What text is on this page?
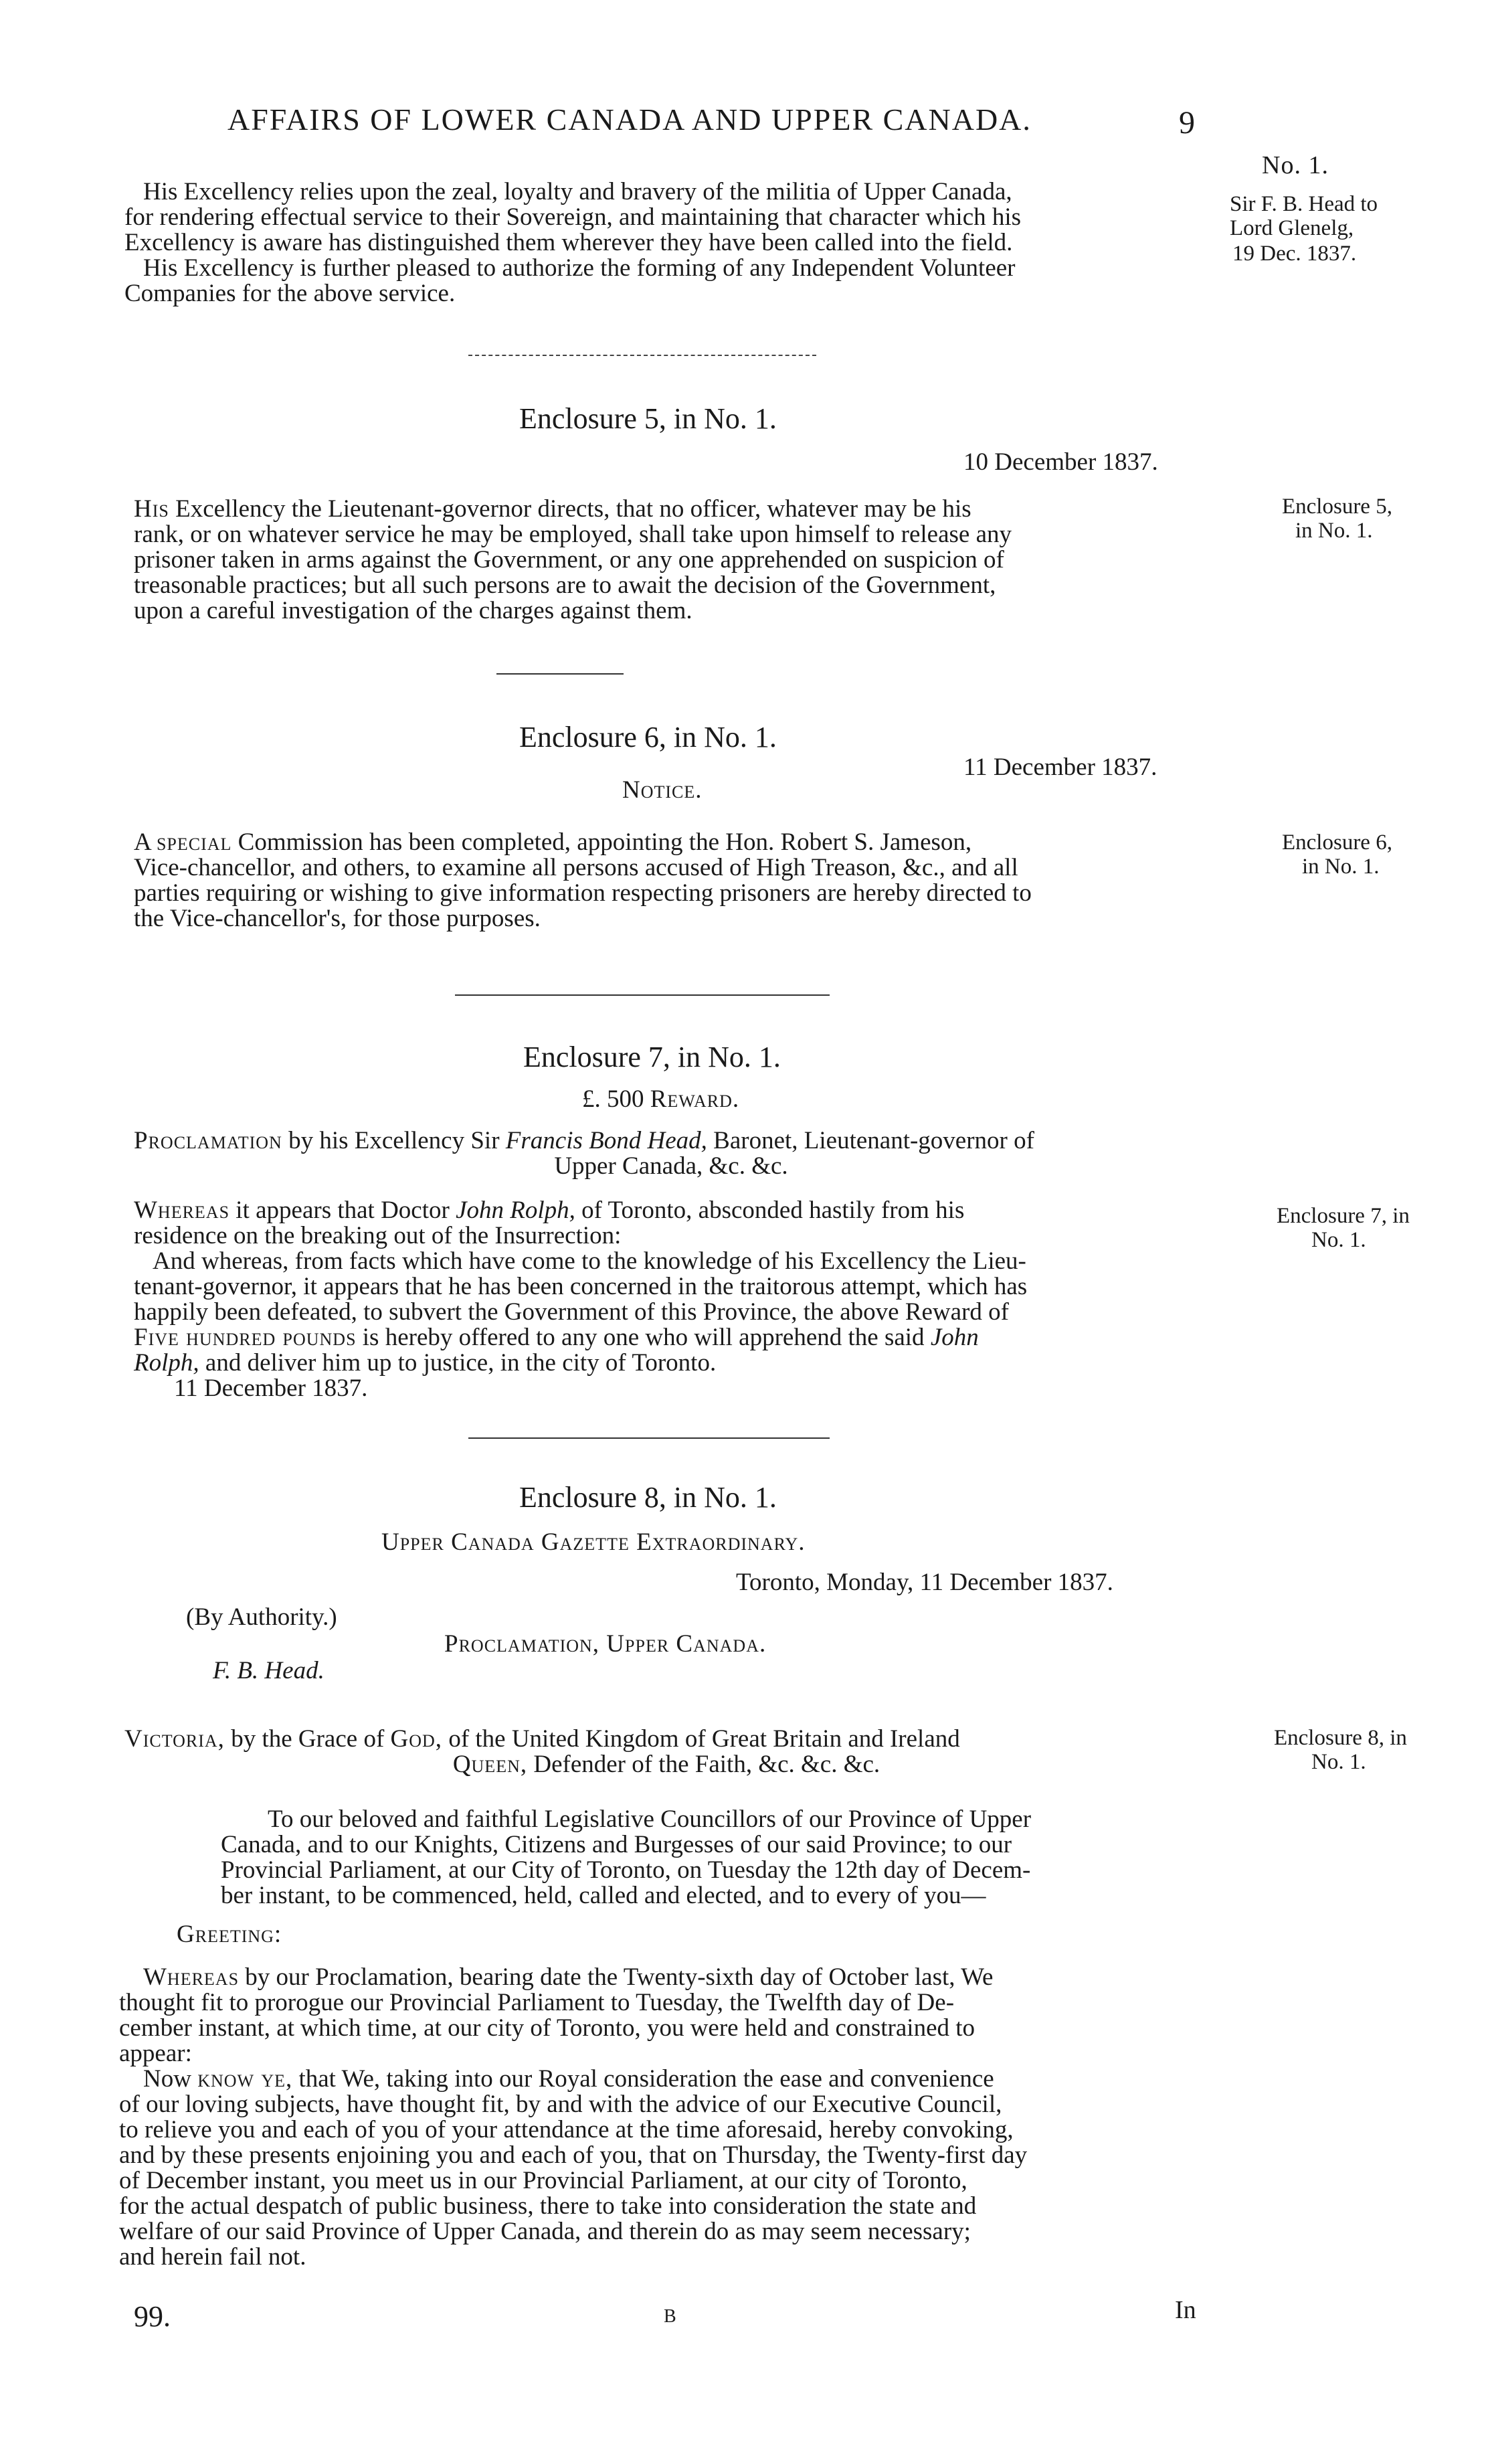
AFFAIRS OF LOWER CANADA AND UPPER CANADA.	9
No. 1.
Sir F. B. Head to
Lord Glenelg,
19 Dec. 1837.
His Excellency relies upon the zeal, loyalty and bravery of the militia of Upper Canada,
for rendering effectual service to their Sovereign, and maintaining that character which his
Excellency is aware has distinguished them wherever they have been called into the field.
His Excellency is further pleased to authorize the forming of any Independent Volunteer
Companies for the above service.
Enclosure 5, in No. 1.
10 December 1837.
Enclosure 5,
in No. 1.
His Excellency the Lieutenant-governor directs, that no officer, whatever may be his
rank, or on whatever service he may be employed, shall take upon himself to release any
prisoner taken in arms against the Government, or any one apprehended on suspicion of
treasonable practices; but all such persons are to await the decision of the Government,
upon a careful investigation of the charges against them.
Enclosure 6, in No. 1.
11 December 1837.
Notice.
Enclosure 6,
in No. 1.
A special Commission has been completed, appointing the Hon. Robert S. Jameson,
Vice-chancellor, and others, to examine all persons accused of High Treason, &c., and all
parties requiring or wishing to give information respecting prisoners are hereby directed to
the Vice-chancellor's, for those purposes.
Enclosure 7, in No. 1.
£. 500 Reward.
Proclamation by his Excellency Sir Francis Bond Head, Baronet, Lieutenant-governor of
Upper Canada, &c. &c.
Enclosure 7, in
No. 1.
Whereas it appears that Doctor John Rolph, of Toronto, absconded hastily from his
residence on the breaking out of the Insurrection:
And whereas, from facts which have come to the knowledge of his Excellency the Lieu-
tenant-governor, it appears that he has been concerned in the traitorous attempt, which has
happily been defeated, to subvert the Government of this Province, the above Reward of
Five hundred pounds is hereby offered to any one who will apprehend the said John
Rolph, and deliver him up to justice, in the city of Toronto.
11 December 1837.
Enclosure 8, in No. 1.
Upper Canada Gazette Extraordinary.
Toronto, Monday, 11 December 1837.
(By Authority.)
Proclamation, Upper Canada.
F. B. Head.
Enclosure 8, in
No. 1.
Victoria, by the Grace of God, of the United Kingdom of Great Britain and Ireland
Queen, Defender of the Faith, &c. &c. &c.
To our beloved and faithful Legislative Councillors of our Province of Upper
Canada, and to our Knights, Citizens and Burgesses of our said Province; to our
Provincial Parliament, at our City of Toronto, on Tuesday the 12th day of Decem-
ber instant, to be commenced, held, called and elected, and to every of you—
Greeting:
Whereas by our Proclamation, bearing date the Twenty-sixth day of October last, We
thought fit to prorogue our Provincial Parliament to Tuesday, the Twelfth day of De-
cember instant, at which time, at our city of Toronto, you were held and constrained to
appear:
Now know ye, that We, taking into our Royal consideration the ease and convenience
of our loving subjects, have thought fit, by and with the advice of our Executive Council,
to relieve you and each of you of your attendance at the time aforesaid, hereby convoking,
and by these presents enjoining you and each of you, that on Thursday, the Twenty-first day
of December instant, you meet us in our Provincial Parliament, at our city of Toronto,
for the actual despatch of public business, there to take into consideration the state and
welfare of our said Province of Upper Canada, and therein do as may seem necessary;
and herein fail not.
99.	B	In
